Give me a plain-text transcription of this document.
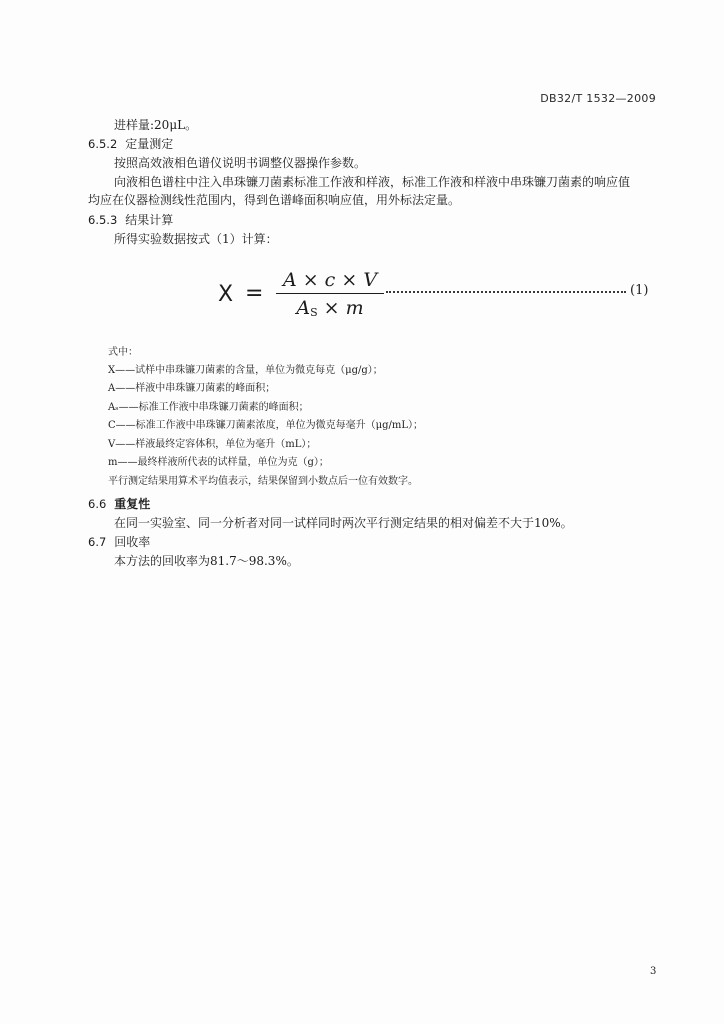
DB32/T 1532—2009
进样量:20μL。
6.5.2 定量测定
按照高效液相色谱仪说明书调整仪器操作参数。
向液相色谱柱中注入串珠镰刀菌素标准工作液和样液，标准工作液和样液中串珠镰刀菌素的响应值
均应在仪器检测线性范围内，得到色谱峰面积响应值，用外标法定量。
6.5.3 结果计算
所得实验数据按式（1）计算：
X =
A × c × V
AS × m
(1)
式中：
X——试样中串珠镰刀菌素的含量，单位为微克每克（μg/g）；
A——样液中串珠镰刀菌素的峰面积；
Aₛ——标准工作液中串珠镰刀菌素的峰面积；
C——标准工作液中串珠镰刀菌素浓度，单位为微克每毫升（μg/mL）；
V——样液最终定容体积，单位为毫升（mL）；
m——最终样液所代表的试样量，单位为克（g）；
平行测定结果用算术平均值表示，结果保留到小数点后一位有效数字。
6.6 重复性
在同一实验室、同一分析者对同一试样同时两次平行测定结果的相对偏差不大于10%。
6.7 回收率
本方法的回收率为81.7～98.3%。
3
